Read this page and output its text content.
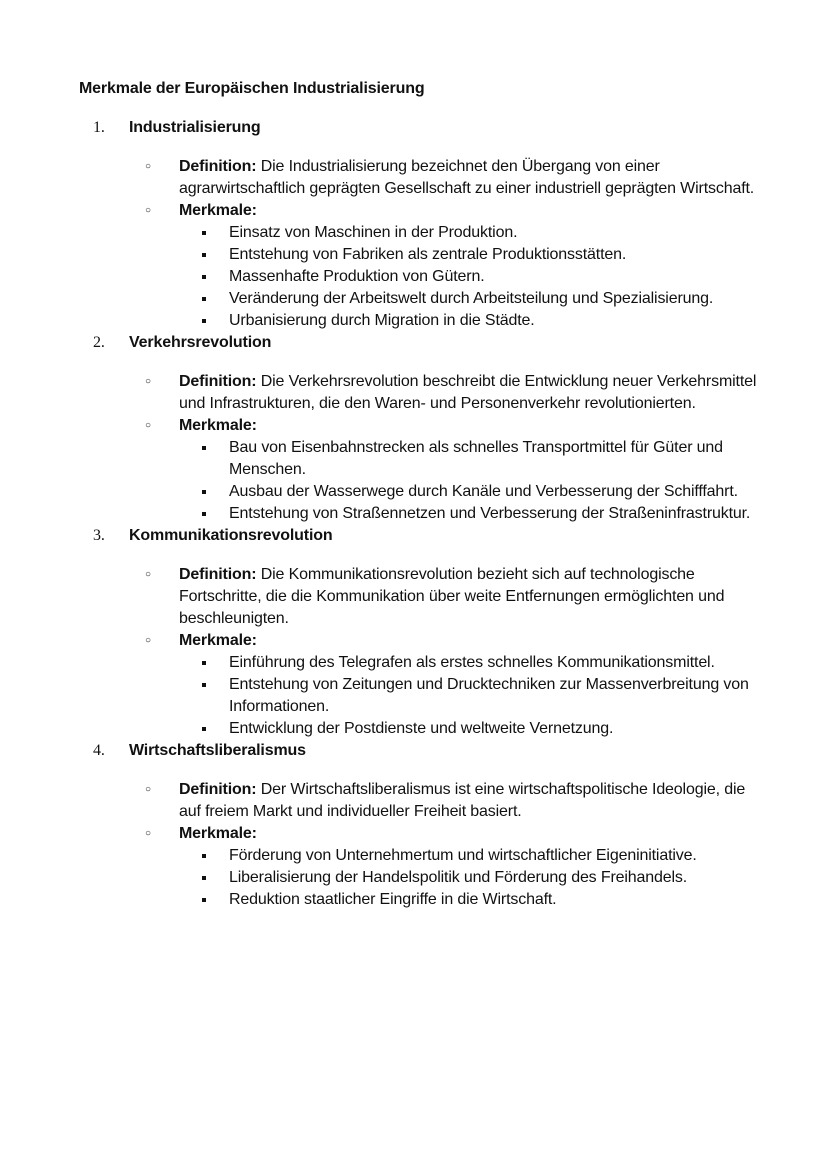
Merkmale der Europäischen Industrialisierung
1. Industrialisierung
○ Definition: Die Industrialisierung bezeichnet den Übergang von einer agrarwirtschaftlich geprägten Gesellschaft zu einer industriell geprägten Wirtschaft.
○ Merkmale:
Einsatz von Maschinen in der Produktion.
Entstehung von Fabriken als zentrale Produktionsstätten.
Massenhafte Produktion von Gütern.
Veränderung der Arbeitswelt durch Arbeitsteilung und Spezialisierung.
Urbanisierung durch Migration in die Städte.
2. Verkehrsrevolution
○ Definition: Die Verkehrsrevolution beschreibt die Entwicklung neuer Verkehrsmittel und Infrastrukturen, die den Waren- und Personenverkehr revolutionierten.
○ Merkmale:
Bau von Eisenbahnstrecken als schnelles Transportmittel für Güter und Menschen.
Ausbau der Wasserwege durch Kanäle und Verbesserung der Schifffahrt.
Entstehung von Straßennetzen und Verbesserung der Straßeninfrastruktur.
3. Kommunikationsrevolution
○ Definition: Die Kommunikationsrevolution bezieht sich auf technologische Fortschritte, die die Kommunikation über weite Entfernungen ermöglichten und beschleunigten.
○ Merkmale:
Einführung des Telegrafen als erstes schnelles Kommunikationsmittel.
Entstehung von Zeitungen und Drucktechniken zur Massenverbreitung von Informationen.
Entwicklung der Postdienste und weltweite Vernetzung.
4. Wirtschaftsliberalismus
○ Definition: Der Wirtschaftsliberalismus ist eine wirtschaftspolitische Ideologie, die auf freiem Markt und individueller Freiheit basiert.
○ Merkmale:
Förderung von Unternehmertum und wirtschaftlicher Eigeninitiative.
Liberalisierung der Handelspolitik und Förderung des Freihandels.
Reduktion staatlicher Eingriffe in die Wirtschaft.
